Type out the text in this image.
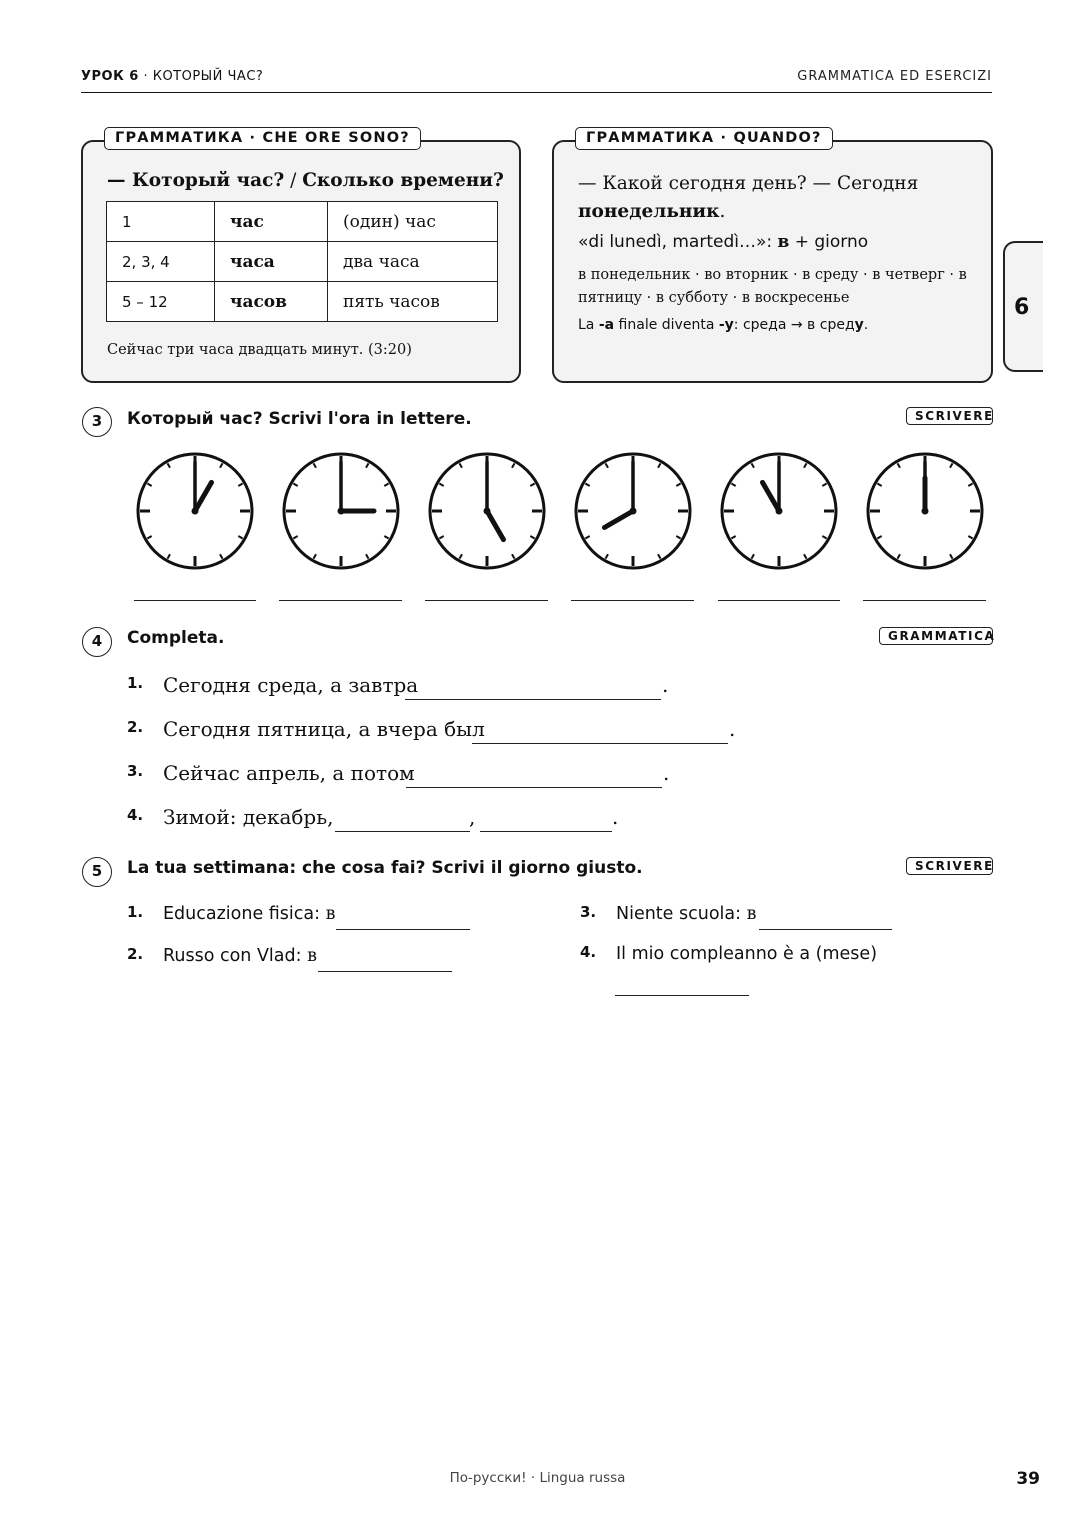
УРОК 6 · КОТОРЫЙ ЧАС?	GRAMMATICA ED ESERCIZI
ГРАММАТИКА · CHE ORE SONO?
— Который час? / Сколько времени?
1	час	(один) час
2, 3, 4	часа	два часа
5 – 12	часов	пять часов
Сейчас три часа двадцать минут. (3:20)
ГРАММАТИКА · QUANDO?
— Какой сегодня день? — Сегодня понедельник.
«di lunedì, martedì…»: в + giorno
в понедельник · во вторник · в среду · в четверг · в пятницу · в субботу · в воскресенье
La -а finale diventa -у: среда → в среду.
6
3	Который час? Scrivi l'ora in lettere.	SCRIVERE
4	Completa.	GRAMMATICA
1. Сегодня среда, а завтра	.
2. Сегодня пятница, а вчера был	.
3. Сейчас апрель, а потом	.
4. Зимой: декабрь,	,	.
5	La tua settimana: che cosa fai? Scrivi il giorno giusto.	SCRIVERE
1. Educazione fisica: в
2. Russo con Vlad: в
3. Niente scuola: в
4. Il mio compleanno è a (mese)
По-русски! · Lingua russa	39
